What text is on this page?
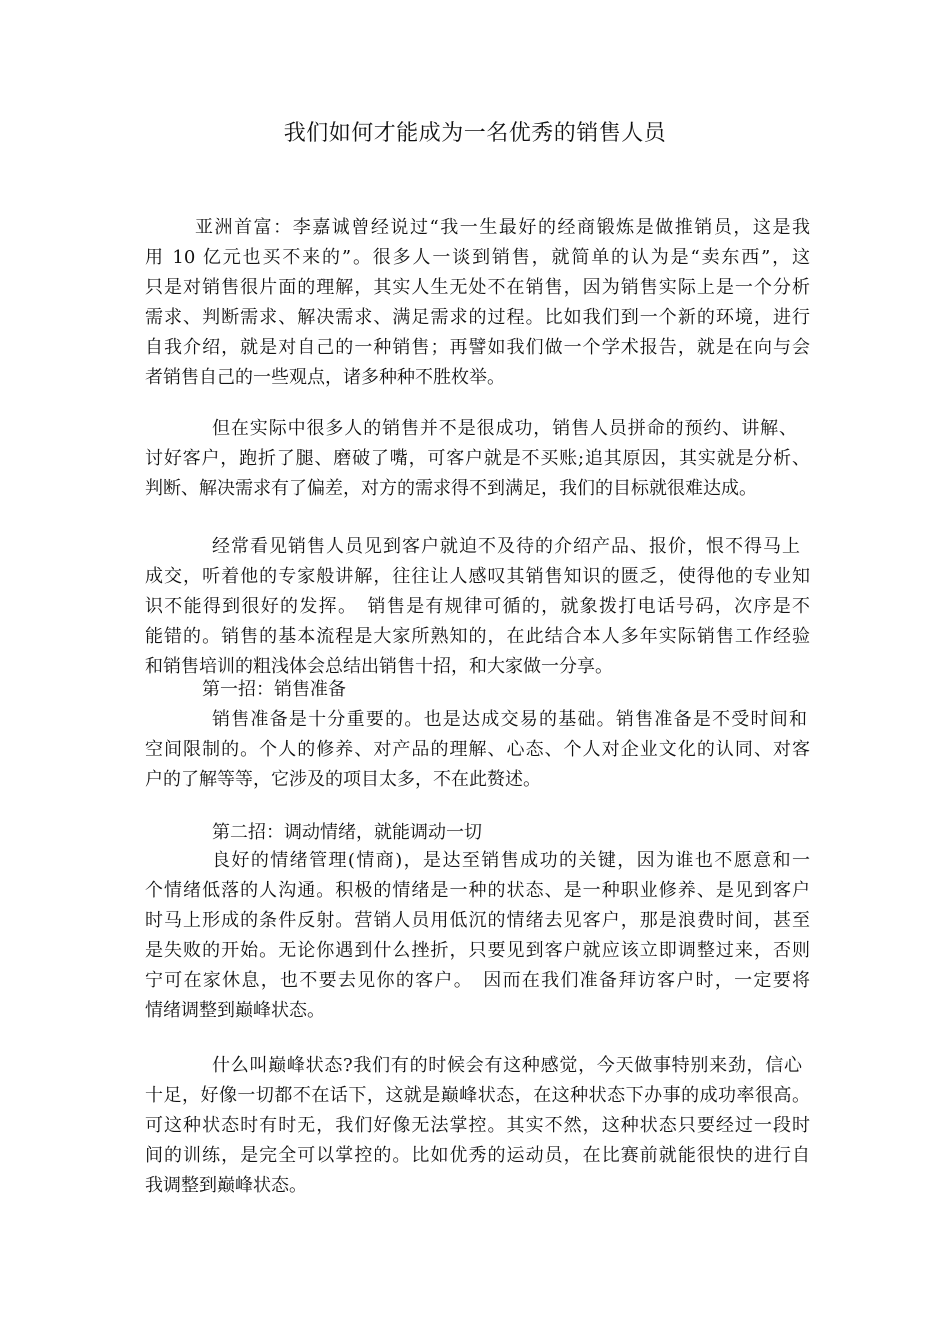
我们如何才能成为一名优秀的销售人员

亚洲首富：李嘉诚曾经说过“我一生最好的经商锻炼是做推销员，这是我

用 10 亿元也买不来的”。很多人一谈到销售，就简单的认为是“卖东西”，这

只是对销售很片面的理解，其实人生无处不在销售，因为销售实际上是一个分析

需求、判断需求、解决需求、满足需求的过程。比如我们到一个新的环境，进行

自我介绍，就是对自己的一种销售；再譬如我们做一个学术报告，就是在向与会

者销售自己的一些观点，诸多种种不胜枚举。

但在实际中很多人的销售并不是很成功，销售人员拼命的预约、讲解、

讨好客户，跑折了腿、磨破了嘴，可客户就是不买账;追其原因，其实就是分析、

判断、解决需求有了偏差，对方的需求得不到满足，我们的目标就很难达成。

经常看见销售人员见到客户就迫不及待的介绍产品、报价，恨不得马上

成交，听着他的专家般讲解，往往让人感叹其销售知识的匮乏，使得他的专业知

识不能得到很好的发挥。　销售是有规律可循的，就象拨打电话号码，次序是不

能错的。销售的基本流程是大家所熟知的，在此结合本人多年实际销售工作经验

和销售培训的粗浅体会总结出销售十招，和大家做一分享。

第一招：销售准备

销售准备是十分重要的。也是达成交易的基础。销售准备是不受时间和

空间限制的。个人的修养、对产品的理解、心态、个人对企业文化的认同、对客

户的了解等等，它涉及的项目太多，不在此赘述。

第二招：调动情绪，就能调动一切

良好的情绪管理(情商)，是达至销售成功的关键，因为谁也不愿意和一

个情绪低落的人沟通。积极的情绪是一种的状态、是一种职业修养、是见到客户

时马上形成的条件反射。营销人员用低沉的情绪去见客户，那是浪费时间，甚至

是失败的开始。无论你遇到什么挫折，只要见到客户就应该立即调整过来，否则

宁可在家休息，也不要去见你的客户。　因而在我们准备拜访客户时，一定要将

情绪调整到巅峰状态。

什么叫巅峰状态?我们有的时候会有这种感觉，今天做事特别来劲，信心

十足，好像一切都不在话下，这就是巅峰状态，在这种状态下办事的成功率很高。

可这种状态时有时无，我们好像无法掌控。其实不然，这种状态只要经过一段时

间的训练，是完全可以掌控的。比如优秀的运动员，在比赛前就能很快的进行自

我调整到巅峰状态。
